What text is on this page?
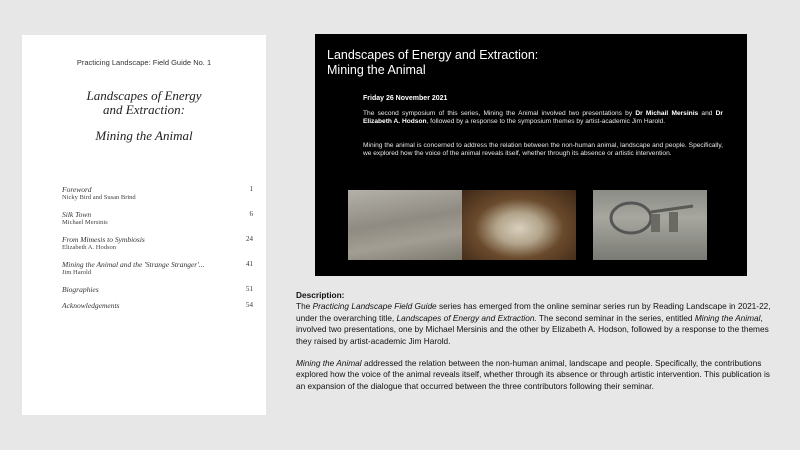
Practicing Landscape: Field Guide No. 1
Landscapes of Energy
and Extraction:
Mining the Animal
Foreword
Nicky Bird and Susan Brind
1
Silk Town
Michael Mersinis
6
From Mimesis to Symbiosis
Elizabeth A. Hodson
24
Mining the Animal and the 'Strange Stranger'...
Jim Harold
41
Biographies	51
Acknowledgements	54
Landscapes of Energy and Extraction:
Mining the Animal
Friday 26 November 2021
The second symposium of this series, Mining the Animal involved two presentations by Dr Michail Mersinis and Dr Elizabeth A. Hodson, followed by a response to the symposium themes by artist-academic Jim Harold.
Mining the animal is concerned to address the relation between the non-human animal, landscape and people. Specifically, we explored how the voice of the animal reveals itself, whether through its absence or artistic intervention.
Description:

The Practicing Landscape Field Guide series has emerged from the online seminar series run by Reading Landscape in 2021-22, under the overarching title, Landscapes of Energy and Extraction. The second seminar in the series, entitled Mining the Animal, involved two presentations, one by Michael Mersinis and the other by Elizabeth A. Hodson, followed by a response to the themes they raised by artist-academic Jim Harold.

Mining the Animal addressed the relation between the non-human animal, landscape and people. Specifically, the contributions explored how the voice of the animal reveals itself, whether through its absence or through artistic intervention. This publication is an expansion of the dialogue that occurred between the three contributors following their seminar.
